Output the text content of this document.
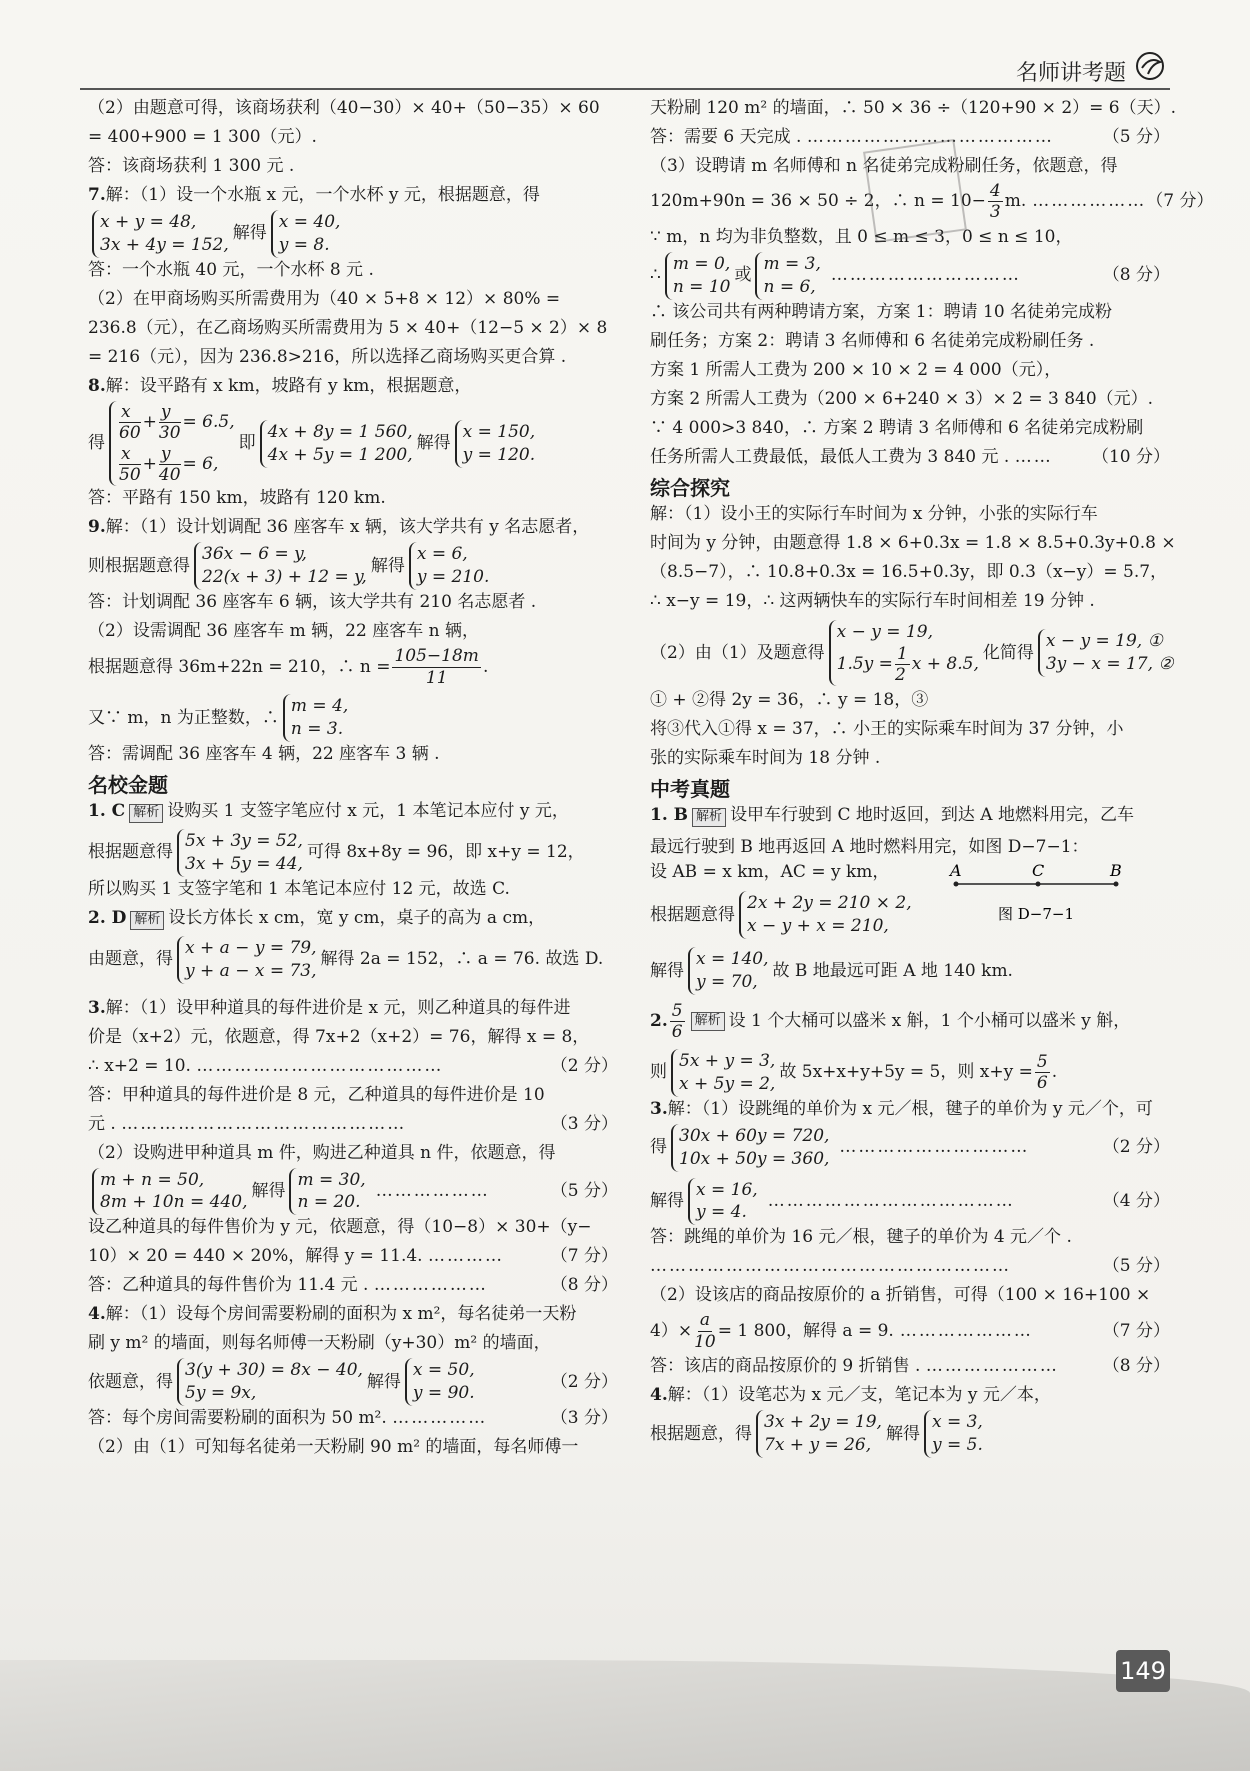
名师讲考题

（2）由题意可得，该商场获利（40−30）× 40+（50−35）× 60

= 400+900 = 1 300（元）.

答：该商场获利 1 300 元 .

7.解：（1）设一个水瓶 x 元，一个水杯 y 元，根据题意，得

x + y = 48,
3x + 4y = 152,
解得
x = 40,
y = 8.

答：一个水瓶 40 元，一个水杯 8 元 .

（2）在甲商场购买所需费用为（40 × 5+8 × 12）× 80% =

236.8（元），在乙商场购买所需费用为 5 × 40+（12−5 × 2）× 8

= 216（元），因为 236.8>216，所以选择乙商场购买更合算 .

8.解：设平路有 x km，坡路有 y km，根据题意，

得 $\frac{x}{60} + \frac{y}{30} = 6.5$,
$\frac{x}{50} + \frac{y}{40} = 6$,
即
4x + 8y = 1 560,
4x + 5y = 1 200,
解得
x = 150,
y = 120.

答：平路有 150 km，坡路有 120 km.

9.解：（1）设计划调配 36 座客车 x 辆，该大学共有 y 名志愿者，

则根据题意得
36x − 6 = y,
22(x + 3) + 12 = y,
解得
x = 6,
y = 210.

答：计划调配 36 座客车 6 辆，该大学共有 210 名志愿者 .

（2）设需调配 36 座客车 m 辆，22 座客车 n 辆，

根据题意得 36m+22n = 210，∴ $n = \frac{105-18m}{11}$ .
又∵ m，n 为正整数，∴
m = 4,
n = 3.

答：需调配 36 座客车 4 辆，22 座客车 3 辆 .

名校金题

1. C 解析 设购买 1 支签字笔应付 x 元，1 本笔记本应付 y 元，

根据题意得
5x + 3y = 52,
3x + 5y = 44,
可得 8x+8y = 96，即 x+y = 12，

所以购买 1 支签字笔和 1 本笔记本应付 12 元，故选 C.

2. D 解析 设长方体长 x cm，宽 y cm，桌子的高为 a cm，

由题意，得
x + a − y = 79,
y + a − x = 73,
解得 2a = 152，∴ a = 76. 故选 D.

3.解：（1）设甲种道具的每件进价是 x 元，则乙种道具的每件进

价是（x+2）元，依题意，得 7x+2（x+2）= 76，解得 x = 8，

∴ x+2 = 10. …………………………………	（2 分）

答：甲种道具的每件进价是 8 元，乙种道具的每件进价是 10

元 . ………………………………………	（3 分）

（2）设购进甲种道具 m 件，购进乙种道具 n 件，依题意，得

m + n = 50,
8m + 10n = 440,
解得
m = 30,
n = 20.
………………	（5 分）

设乙种道具的每件售价为 y 元，依题意，得（10−8）× 30+（y−

10）× 20 = 440 × 20%，解得 y = 11.4. …………	（7 分）

答：乙种道具的每件售价为 11.4 元 . ………………	（8 分）

4.解：（1）设每个房间需要粉刷的面积为 x m²，每名徒弟一天粉

刷 y m² 的墙面，则每名师傅一天粉刷（y+30）m² 的墙面，

依题意，得
3(y + 30) = 8x − 40,
5y = 9x,
解得
x = 50,
y = 90.
（2 分）

答：每个房间需要粉刷的面积为 50 m². ……………	（3 分）

（2）由（1）可知每名徒弟一天粉刷 90 m² 的墙面，每名师傅一

天粉刷 120 m² 的墙面，∴ 50 × 36 ÷（120+90 × 2）= 6（天）.

答：需要 6 天完成 . …………………………………	（5 分）

（3）设聘请 m 名师傅和 n 名徒弟完成粉刷任务，依题意，得

120m+90n = 36 × 50 ÷ 2，∴ $n = 10- \frac{4}{3} m$. ……………… （7 分）

∵ m，n 均为非负整数，且 0 ≤ m ≤ 3，0 ≤ n ≤ 10，

∴
m = 0,
n = 10
或
m = 3,
n = 6,
…………………………	（8 分）

∴ 该公司共有两种聘请方案，方案 1：聘请 10 名徒弟完成粉

刷任务；方案 2：聘请 3 名师傅和 6 名徒弟完成粉刷任务 .

方案 1 所需人工费为 200 × 10 × 2 = 4 000（元），

方案 2 所需人工费为（200 × 6+240 × 3）× 2 = 3 840（元）.

∵ 4 000>3 840，∴ 方案 2 聘请 3 名师傅和 6 名徒弟完成粉刷

任务所需人工费最低，最低人工费为 3 840 元 . …… （10 分）

综合探究

解：（1）设小王的实际行车时间为 x 分钟，小张的实际行车

时间为 y 分钟，由题意得 1.8 × 6+0.3x = 1.8 × 8.5+0.3y+0.8 ×

（8.5−7），∴ 10.8+0.3x = 16.5+0.3y，即 0.3（x−y）= 5.7，

∴ x−y = 19，∴ 这两辆快车的实际行车时间相差 19 分钟 .

（2）由（1）及题意得
x − y = 19,
$1.5y = \frac{1}{2}$ x + 8.5,
化简得
x − y = 19, ①
3y − x = 17, ②

① + ②得 2y = 36，∴ y = 18，③

将③代入①得 x = 37，∴ 小王的实际乘车时间为 37 分钟，小

张的实际乘车时间为 18 分钟 .

中考真题

1. B 解析 设甲车行驶到 C 地时返回，到达 A 地燃料用完，乙车

最远行驶到 B 地再返回 A 地时燃料用完，如图 D−7−1：

设 AB = x km，AC = y km，

根据题意得
2x + 2y = 210 × 2,
x − y + x = 210,
A	C	B
图 D−7−1
解得
x = 140,
y = 70,
故 B 地最远可距 A 地 140 km.
2. $\frac{5}{6}$ 解析 设 1 个大桶可以盛米 x 斛，1 个小桶可以盛米 y 斛，
则
5x + y = 3,
x + 5y = 2,
故 5x+x+y+5y = 5，则 $x+y = \frac{5}{6}$ .

3.解：（1）设跳绳的单价为 x 元／根，毽子的单价为 y 元／个，可

得
30x + 60y = 720,
10x + 50y = 360,
…………………………	（2 分）
解得
x = 16,
y = 4.
…………………………………	（4 分）

答：跳绳的单价为 16 元／根，毽子的单价为 4 元／个 .

…………………………………………………	（5 分）

（2）设该店的商品按原价的 a 折销售，可得（100 × 16+100 ×

$4)\times \frac{a}{10} = 1$ 800，解得 a = 9. …………………	（7 分）

答：该店的商品按原价的 9 折销售 . …………………	（8 分）

4.解：（1）设笔芯为 x 元／支，笔记本为 y 元／本，

根据题意，得
3x + 2y = 19,
7x + y = 26,
解得
x = 3,
y = 5.
149
